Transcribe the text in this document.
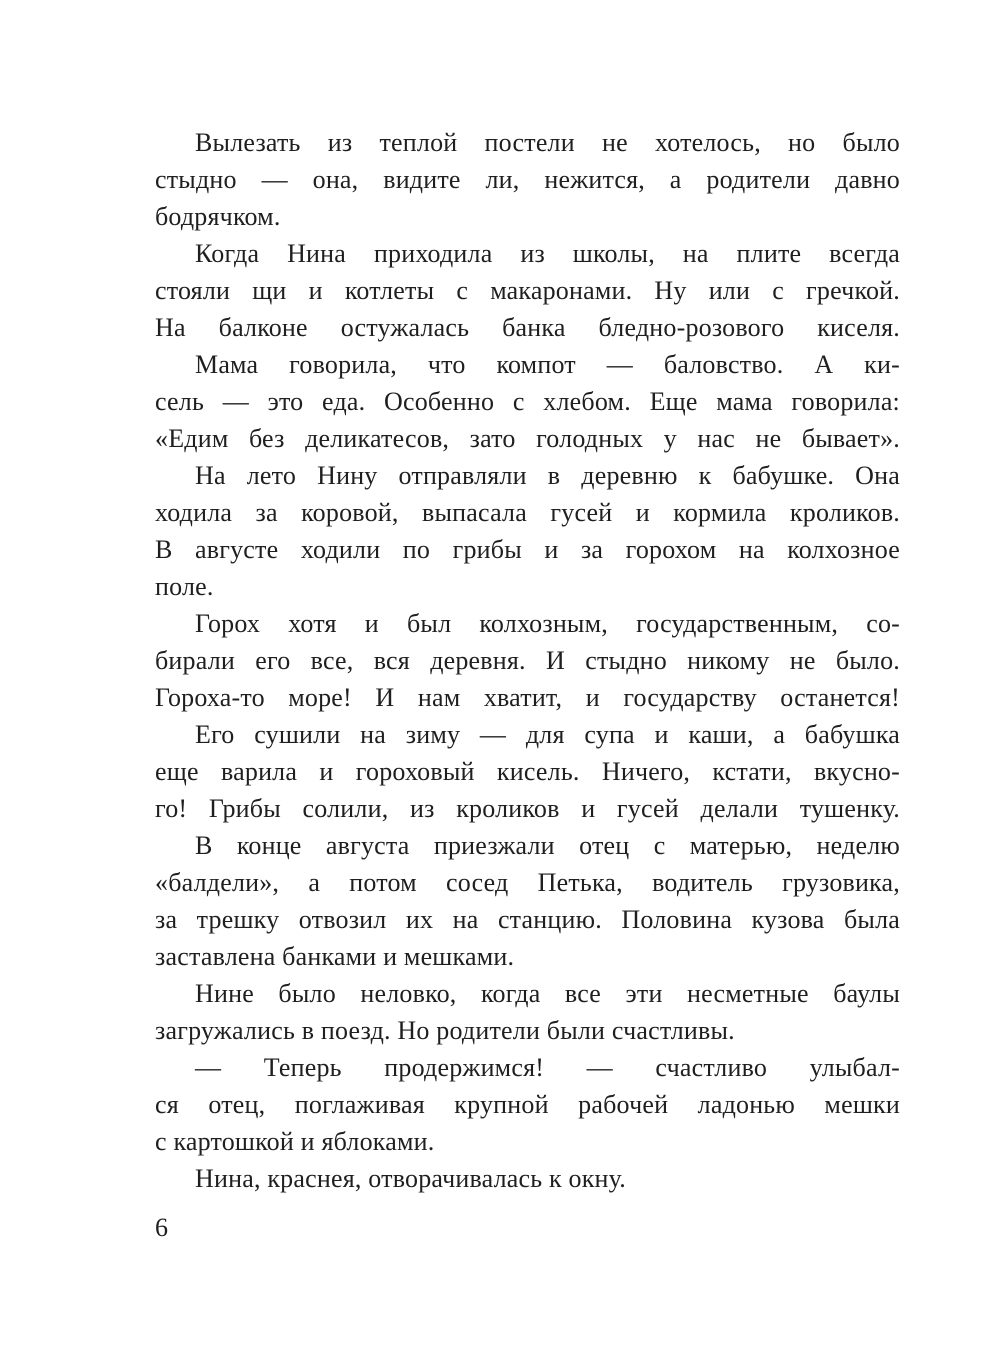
Вылезать из теплой постели не хотелось, но было
стыдно — она, видите ли, нежится, а родители давно
бодрячком.
Когда Нина приходила из школы, на плите всегда
стояли щи и котлеты с макаронами. Ну или с гречкой.
На балконе остужалась банка бледно-розового киселя.
Мама говорила, что компот — баловство. А ки-
сель — это еда. Особенно с хлебом. Еще мама говорила:
«Едим без деликатесов, зато голодных у нас не бывает».
На лето Нину отправляли в деревню к бабушке. Она
ходила за коровой, выпасала гусей и кормила кроликов.
В августе ходили по грибы и за горохом на колхозное
поле.
Горох хотя и был колхозным, государственным, со-
бирали его все, вся деревня. И стыдно никому не было.
Гороха-то море! И нам хватит, и государству останется!
Его сушили на зиму — для супа и каши, а бабушка
еще варила и гороховый кисель. Ничего, кстати, вкусно-
го! Грибы солили, из кроликов и гусей делали тушенку.
В конце августа приезжали отец с матерью, неделю
«балдели», а потом сосед Петька, водитель грузовика,
за трешку отвозил их на станцию. Половина кузова была
заставлена банками и мешками.
Нине было неловко, когда все эти несметные баулы
загружались в поезд. Но родители были счастливы.
— Теперь продержимся! — счастливо улыбал-
ся отец, поглаживая крупной рабочей ладонью мешки
с картошкой и яблоками.
Нина, краснея, отворачивалась к окну.
6
